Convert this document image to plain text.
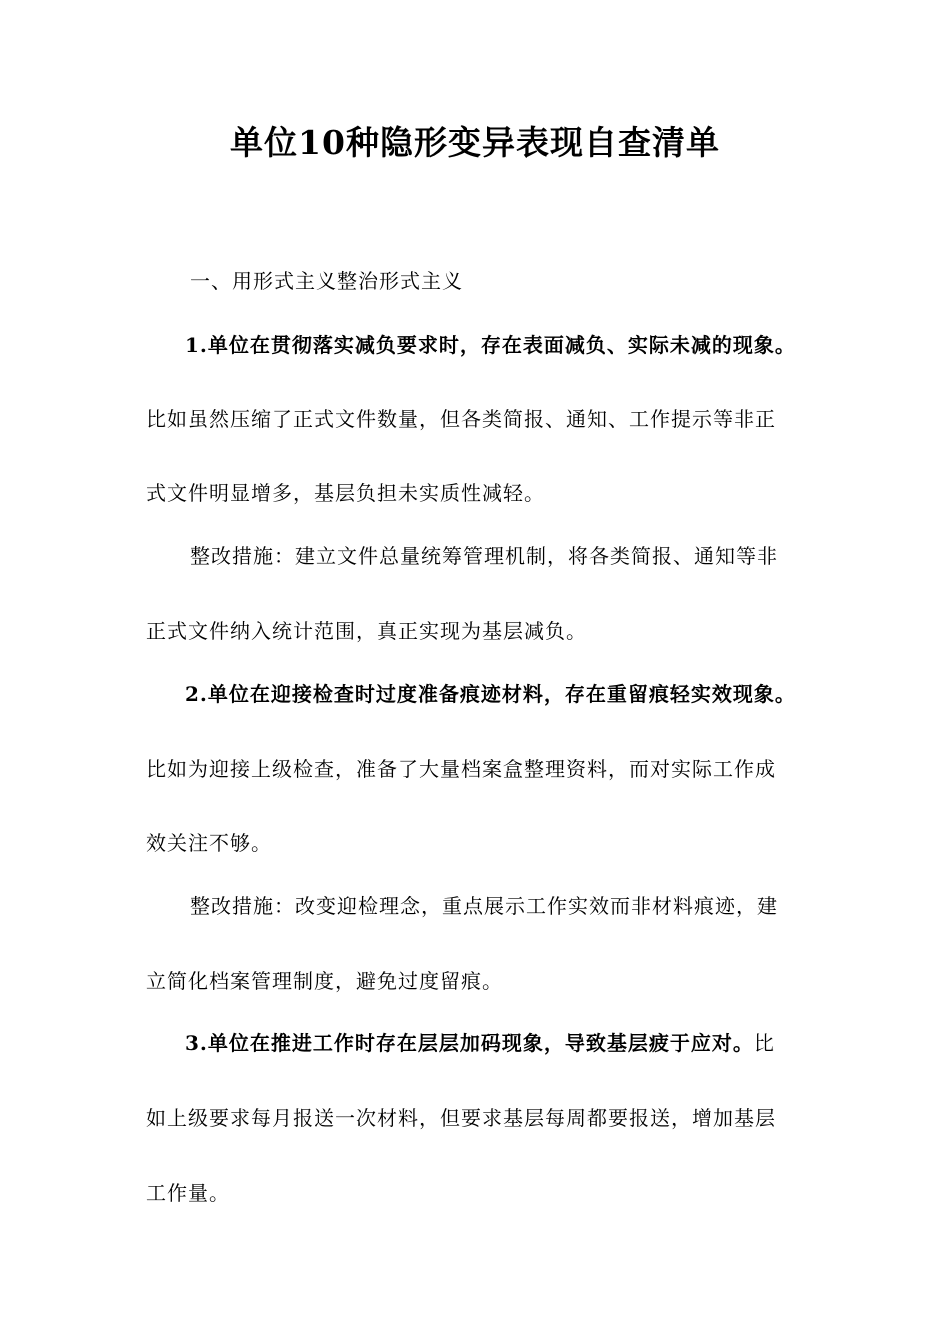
单位10种隐形变异表现自查清单
一、用形式主义整治形式主义
1.单位在贯彻落实减负要求时，存在表面减负、实际未减的现象。
比如虽然压缩了正式文件数量，但各类简报、通知、工作提示等非正
式文件明显增多，基层负担未实质性减轻。
整改措施：建立文件总量统筹管理机制，将各类简报、通知等非
正式文件纳入统计范围，真正实现为基层减负。
2.单位在迎接检查时过度准备痕迹材料，存在重留痕轻实效现象。
比如为迎接上级检查，准备了大量档案盒整理资料，而对实际工作成
效关注不够。
整改措施：改变迎检理念，重点展示工作实效而非材料痕迹，建
立简化档案管理制度，避免过度留痕。
3.单位在推进工作时存在层层加码现象，导致基层疲于应对。比
如上级要求每月报送一次材料，但要求基层每周都要报送，增加基层
工作量。
